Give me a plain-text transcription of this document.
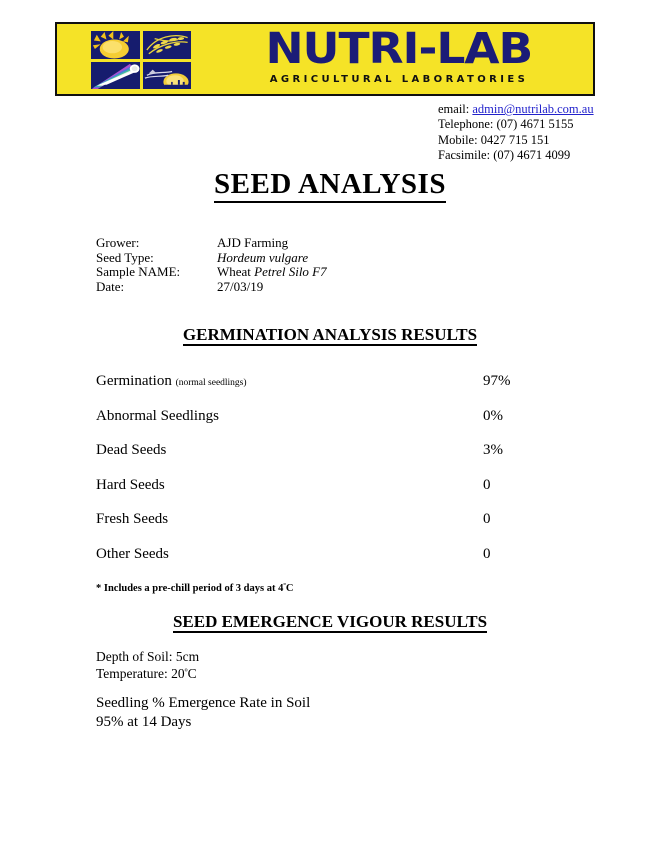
NUTRI-LAB
AGRICULTURAL LABORATORIES
email: admin@nutrilab.com.au
Telephone: (07) 4671 5155
Mobile: 0427 715 151
Facsimile: (07) 4671 4099
SEED ANALYSIS
Grower:	AJD Farming
Seed Type:	Hordeum vulgare
Sample NAME:	Wheat Petrel Silo F7
Date:	27/03/19
GERMINATION ANALYSIS RESULTS
Germination (normal seedlings)	97%
Abnormal Seedlings	0%
Dead Seeds	3%
Hard Seeds	0
Fresh Seeds	0
Other Seeds	0
* Includes a pre-chill period of 3 days at $4^ºC$
SEED EMERGENCE VIGOUR RESULTS
Depth of Soil: 5cm
Temperature: $20^ºC$
Seedling % Emergence Rate in Soil
95% at 14 Days
